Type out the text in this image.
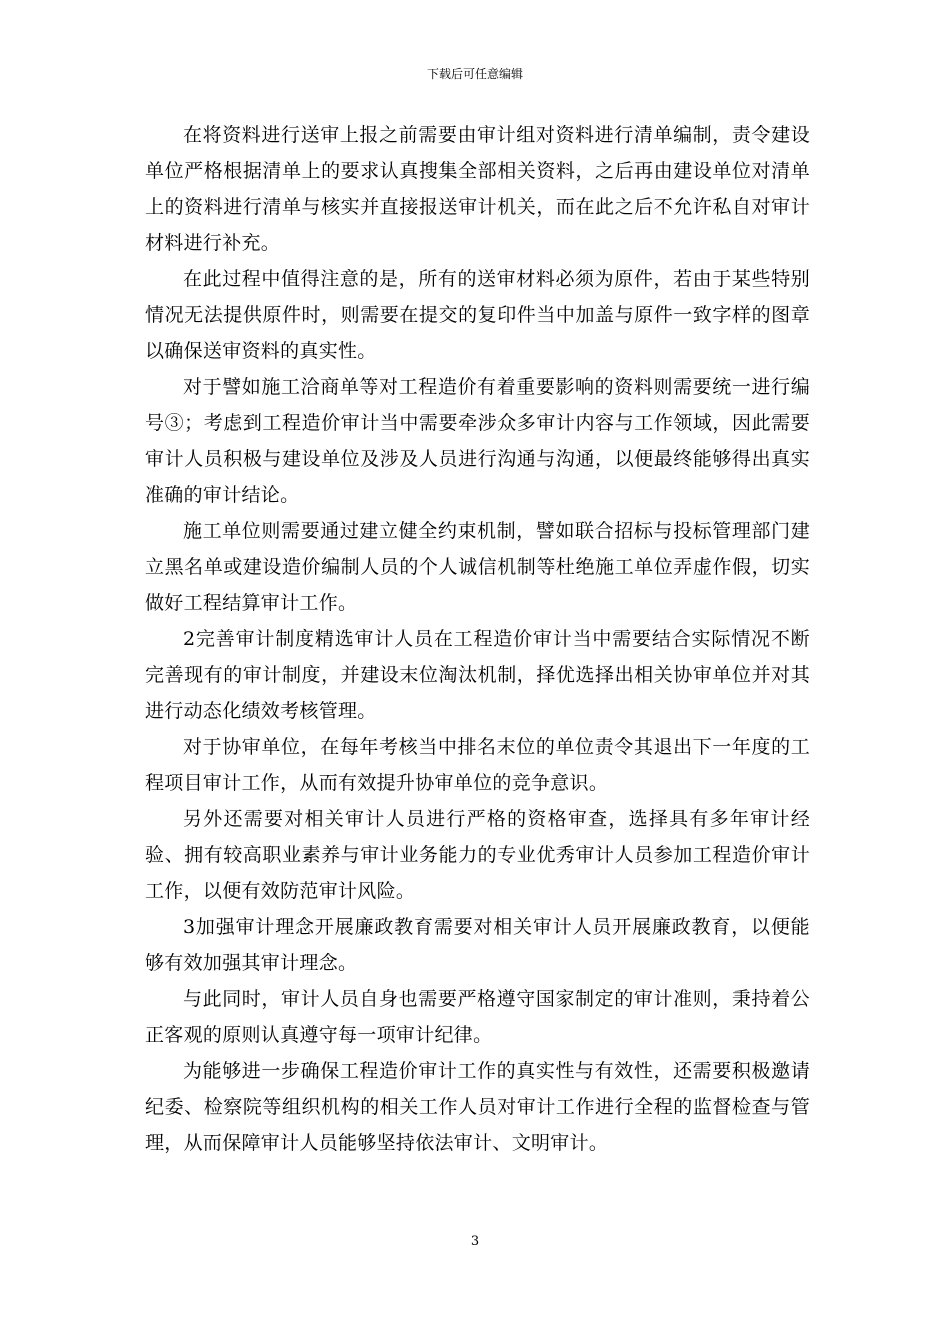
下载后可任意编辑

在将资料进行送审上报之前需要由审计组对资料进行清单编制，责令建设单位严格根据清单上的要求认真搜集全部相关资料，之后再由建设单位对清单上的资料进行清单与核实并直接报送审计机关，而在此之后不允许私自对审计材料进行补充。

在此过程中值得注意的是，所有的送审材料必须为原件，若由于某些特别情况无法提供原件时，则需要在提交的复印件当中加盖与原件一致字样的图章以确保送审资料的真实性。

对于譬如施工洽商单等对工程造价有着重要影响的资料则需要统一进行编号③；考虑到工程造价审计当中需要牵涉众多审计内容与工作领域，因此需要审计人员积极与建设单位及涉及人员进行沟通与沟通，以便最终能够得出真实准确的审计结论。

施工单位则需要通过建立健全约束机制，譬如联合招标与投标管理部门建立黑名单或建设造价编制人员的个人诚信机制等杜绝施工单位弄虚作假，切实做好工程结算审计工作。

2完善审计制度精选审计人员在工程造价审计当中需要结合实际情况不断完善现有的审计制度，并建设末位淘汰机制，择优选择出相关协审单位并对其进行动态化绩效考核管理。

对于协审单位，在每年考核当中排名末位的单位责令其退出下一年度的工程项目审计工作，从而有效提升协审单位的竞争意识。

另外还需要对相关审计人员进行严格的资格审查，选择具有多年审计经验、拥有较高职业素养与审计业务能力的专业优秀审计人员参加工程造价审计工作，以便有效防范审计风险。

3加强审计理念开展廉政教育需要对相关审计人员开展廉政教育，以便能够有效加强其审计理念。

与此同时，审计人员自身也需要严格遵守国家制定的审计准则，秉持着公正客观的原则认真遵守每一项审计纪律。

为能够进一步确保工程造价审计工作的真实性与有效性，还需要积极邀请纪委、检察院等组织机构的相关工作人员对审计工作进行全程的监督检查与管理，从而保障审计人员能够坚持依法审计、文明审计。

3
